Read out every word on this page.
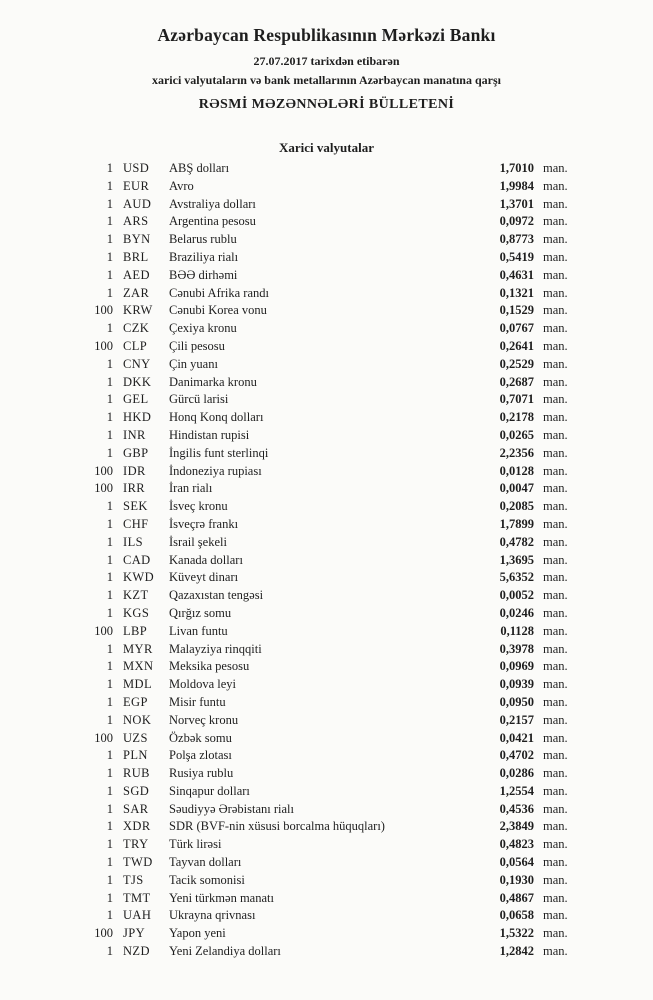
Azərbaycan Respublikasının Mərkəzi Bankı
27.07.2017 tarixdən etibarən
xarici valyutaların və bank metallarının Azərbaycan manatına qarşı
RƏSMİ MƏZƏNNƏLƏRİ BÜLLETENİ
Xarici valyutalar
1 USD	ABŞ dolları	1,7010 man.
1 EUR	Avro	1,9984 man.
1 AUD	Avstraliya dolları	1,3701 man.
1 ARS	Argentina pesosu	0,0972 man.
1 BYN	Belarus rublu	0,8773 man.
1 BRL	Braziliya rialı	0,5419 man.
1 AED	BƏƏ dirhəmi	0,4631 man.
1 ZAR	Cənubi Afrika randı	0,1321 man.
100 KRW	Cənubi Korea vonu	0,1529 man.
1 CZK	Çexiya kronu	0,0767 man.
100 CLP	Çili pesosu	0,2641 man.
1 CNY	Çin yuanı	0,2529 man.
1 DKK	Danimarka kronu	0,2687 man.
1 GEL	Gürcü larisi	0,7071 man.
1 HKD	Honq Konq dolları	0,2178 man.
1 INR	Hindistan rupisi	0,0265 man.
1 GBP	İngilis funt sterlinqi	2,2356 man.
100 IDR	İndoneziya rupiası	0,0128 man.
100 IRR	İran rialı	0,0047 man.
1 SEK	İsveç kronu	0,2085 man.
1 CHF	İsveçrə frankı	1,7899 man.
1 ILS	İsrail şekeli	0,4782 man.
1 CAD	Kanada dolları	1,3695 man.
1 KWD	Küveyt dinarı	5,6352 man.
1 KZT	Qazaxıstan tengəsi	0,0052 man.
1 KGS	Qırğız somu	0,0246 man.
100 LBP	Livan funtu	0,1128 man.
1 MYR	Malayziya rinqqiti	0,3978 man.
1 MXN	Meksika pesosu	0,0969 man.
1 MDL	Moldova leyi	0,0939 man.
1 EGP	Misir funtu	0,0950 man.
1 NOK	Norveç kronu	0,2157 man.
100 UZS	Özbək somu	0,0421 man.
1 PLN	Polşa zlotası	0,4702 man.
1 RUB	Rusiya rublu	0,0286 man.
1 SGD	Sinqapur dolları	1,2554 man.
1 SAR	Səudiyyə Ərəbistanı rialı	0,4536 man.
1 XDR	SDR (BVF-nin xüsusi borcalma hüquqları)	2,3849 man.
1 TRY	Türk lirəsi	0,4823 man.
1 TWD	Tayvan dolları	0,0564 man.
1 TJS	Tacik somonisi	0,1930 man.
1 TMT	Yeni türkmən manatı	0,4867 man.
1 UAH	Ukrayna qrivnası	0,0658 man.
100 JPY	Yapon yeni	1,5322 man.
1 NZD	Yeni Zelandiya dolları	1,2842 man.
